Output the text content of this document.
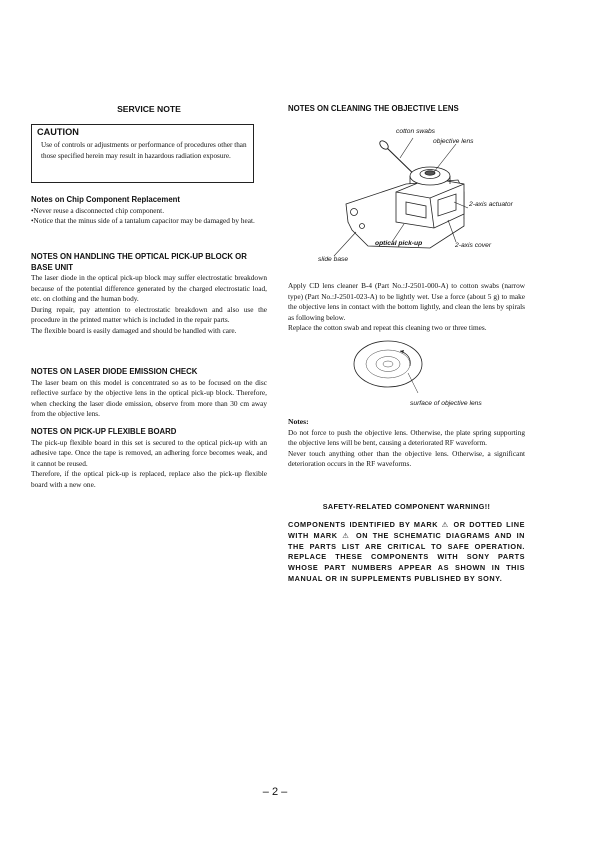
SERVICE NOTE
CAUTION
Use of controls or adjustments or performance of procedures other than those specified herein may result in hazardous radiation exposure.
Notes on Chip Component Replacement
•Never reuse a disconnected chip component.
•Notice that the minus side of a tantalum capacitor may be damaged by heat.
NOTES ON HANDLING THE OPTICAL PICK-UP BLOCK OR BASE UNIT
The laser diode in the optical pick-up block may suffer electrostatic breakdown because of the potential difference generated by the charged electrostatic load, etc. on clothing and the human body.
During repair, pay attention to electrostatic breakdown and also use the procedure in the printed matter which is included in the repair parts.
The flexible board is easily damaged and should be handled with care.
NOTES ON LASER DIODE EMISSION CHECK
The laser beam on this model is concentrated so as to be focused on the disc reflective surface by the objective lens in the optical pick-up block. Therefore, when checking the laser diode emission, observe from more than 30 cm away from the objective lens.
NOTES ON PICK-UP FLEXIBLE BOARD
The pick-up flexible board in this set is secured to the optical pick-up with an adhesive tape. Once the tape is removed, an adhering force becomes weak, and it cannot be reused.
Therefore, if the optical pick-up is replaced, replace also the pick-up flexible board with a new one.
NOTES ON CLEANING THE OBJECTIVE LENS
cotton swabs
objective lens
2-axis actuator
optical pick-up	2-axis cover
slide base
Apply CD lens cleaner B-4 (Part No.:J-2501-000-A) to cotton swabs (narrow type) (Part No.:J-2501-023-A) to be lightly wet. Use a force (about 5 g) to make the objective lens in contact with the bottom lightly, and clean the lens by spirals as following below.
Replace the cotton swab and repeat this cleaning two or three times.
surface of objective lens
Notes:
Do not force to push the objective lens. Otherwise, the plate spring supporting the objective lens will be bent, causing a deteriorated RF waveform.
Never touch anything other than the objective lens. Otherwise, a significant deterioration occurs in the RF waveforms.
SAFETY-RELATED COMPONENT WARNING!!
COMPONENTS IDENTIFIED BY MARK ⚠ OR DOTTED LINE WITH MARK ⚠ ON THE SCHEMATIC DIAGRAMS AND IN THE PARTS LIST ARE CRITICAL TO SAFE OPERATION. REPLACE THESE COMPONENTS WITH SONY PARTS WHOSE PART NUMBERS APPEAR AS SHOWN IN THIS MANUAL OR IN SUPPLEMENTS PUBLISHED BY SONY.
– 2 –
